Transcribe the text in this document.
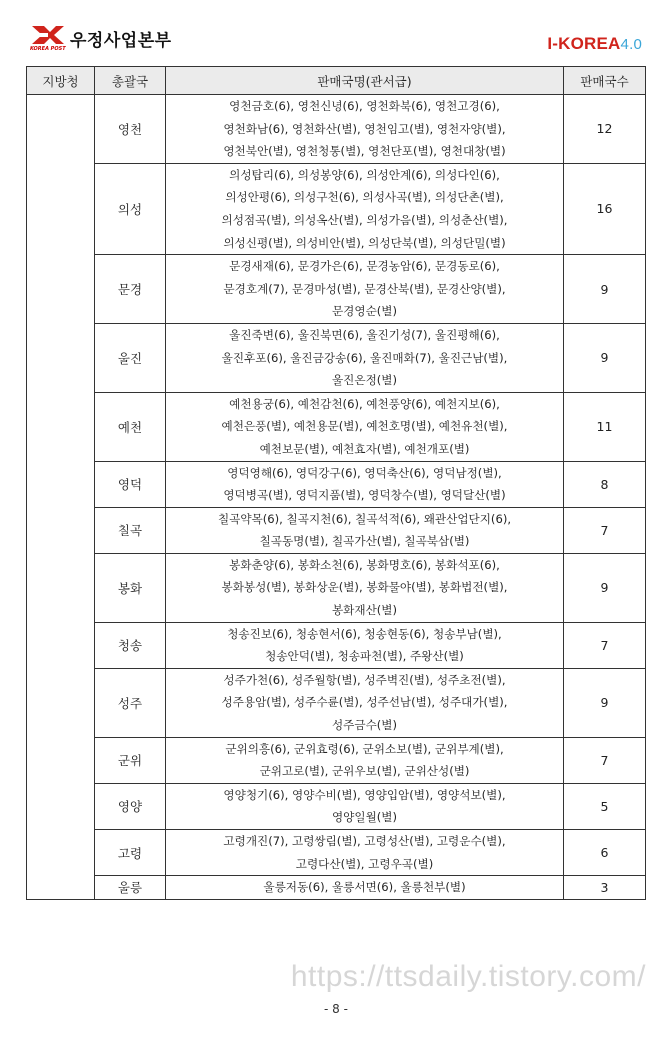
KOREA POST 우정사업본부	I-KOREA4.0
지방청	총괄국	판매국명(관서급)	판매국수
	영천	영천금호(6), 영천신녕(6), 영천화북(6), 영천고경(6),
영천화남(6), 영천화산(별), 영천임고(별), 영천자양(별),
영천북안(별), 영천청통(별), 영천단포(별), 영천대창(별)	12
	의성	의성탑리(6), 의성봉양(6), 의성안계(6), 의성다인(6),
의성안평(6), 의성구천(6), 의성사곡(별), 의성단촌(별),
의성점곡(별), 의성옥산(별), 의성가음(별), 의성춘산(별),
의성신평(별), 의성비안(별), 의성단북(별), 의성단밀(별)	16
	문경	문경새재(6), 문경가은(6), 문경농암(6), 문경동로(6),
문경호계(7), 문경마성(별), 문경산북(별), 문경산양(별),
문경영순(별)	9
	울진	울진죽변(6), 울진북면(6), 울진기성(7), 울진평해(6),
울진후포(6), 울진금강송(6), 울진매화(7), 울진근남(별),
울진온정(별)	9
	예천	예천용궁(6), 예천감천(6), 예천풍양(6), 예천지보(6),
예천은풍(별), 예천용문(별), 예천호명(별), 예천유천(별),
예천보문(별), 예천효자(별), 예천개포(별)	11
	영덕	영덕영해(6), 영덕강구(6), 영덕축산(6), 영덕남정(별),
영덕병곡(별), 영덕지품(별), 영덕창수(별), 영덕달산(별)	8
	칠곡	칠곡약목(6), 칠곡지천(6), 칠곡석적(6), 왜관산업단지(6),
칠곡동명(별), 칠곡가산(별), 칠곡북삼(별)	7
	봉화	봉화춘양(6), 봉화소천(6), 봉화명호(6), 봉화석포(6),
봉화봉성(별), 봉화상운(별), 봉화물야(별), 봉화법전(별),
봉화재산(별)	9
	청송	청송진보(6), 청송현서(6), 청송현동(6), 청송부남(별),
청송안덕(별), 청송파천(별), 주왕산(별)	7
	성주	성주가천(6), 성주월항(별), 성주벽진(별), 성주초전(별),
성주용암(별), 성주수륜(별), 성주선남(별), 성주대가(별),
성주금수(별)	9
	군위	군위의흥(6), 군위효령(6), 군위소보(별), 군위부계(별),
군위고로(별), 군위우보(별), 군위산성(별)	7
	영양	영양청기(6), 영양수비(별), 영양입암(별), 영양석보(별),
영양일월(별)	5
	고령	고령개진(7), 고령쌍림(별), 고령성산(별), 고령운수(별),
고령다산(별), 고령우곡(별)	6
	울릉	울릉저동(6), 울릉서면(6), 울릉천부(별)	3
https://ttsdaily.tistory.com/
- 8 -
